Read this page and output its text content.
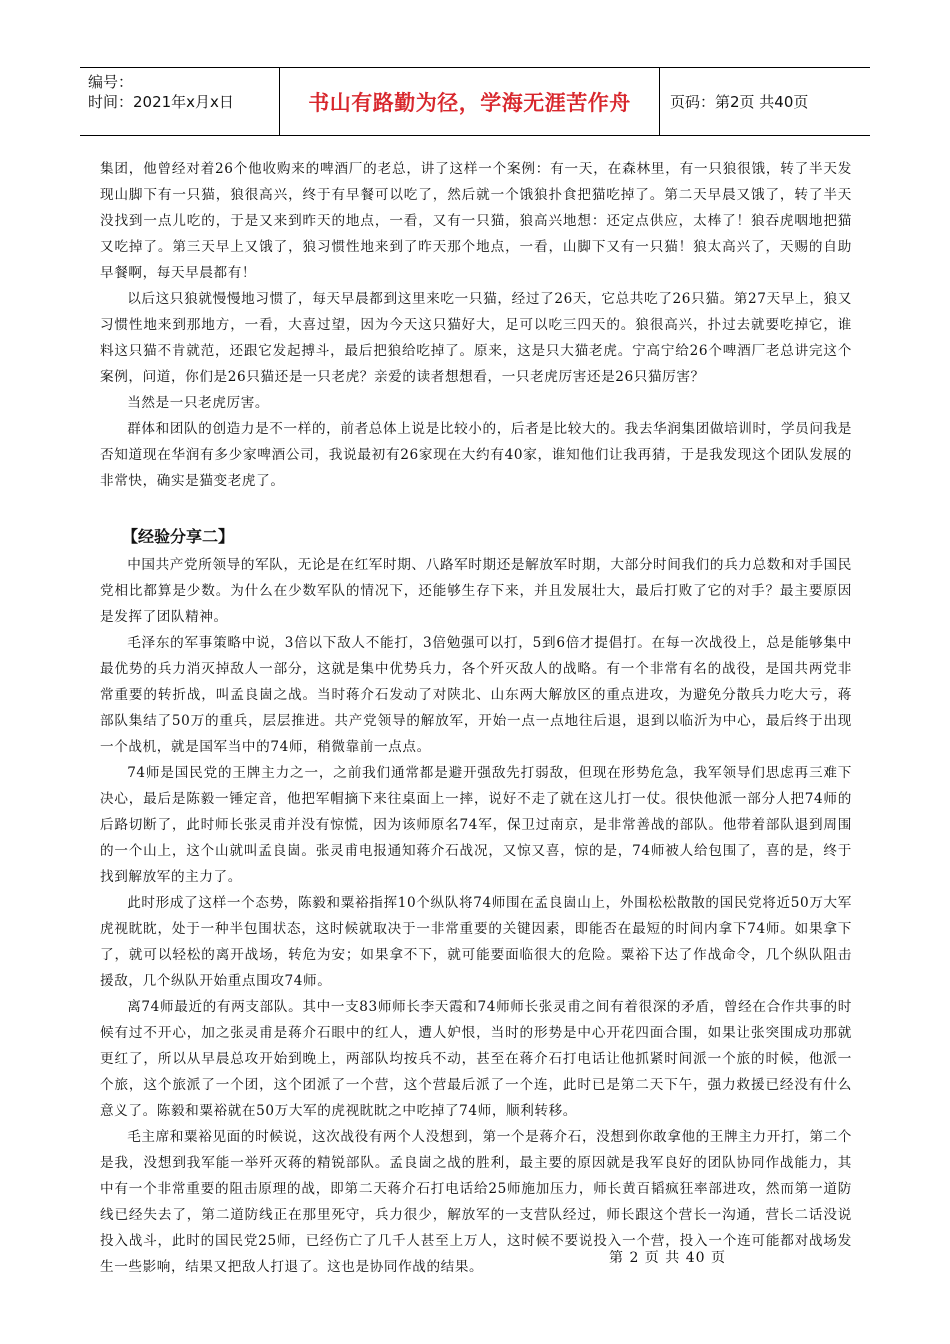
编号：
时间：2021年x月x日	书山有路勤为径，学海无涯苦作舟	页码：第2页 共40页

集团，他曾经对着26个他收购来的啤酒厂的老总，讲了这样一个案例：有一天，在森林里，有一只狼很饿，转了半天发现山脚下有一只猫，狼很高兴，终于有早餐可以吃了，然后就一个饿狼扑食把猫吃掉了。第二天早晨又饿了，转了半天没找到一点儿吃的，于是又来到昨天的地点，一看，又有一只猫，狼高兴地想：还定点供应，太棒了！狼吞虎咽地把猫又吃掉了。第三天早上又饿了，狼习惯性地来到了昨天那个地点，一看，山脚下又有一只猫！狼太高兴了，天赐的自助早餐啊，每天早晨都有！

以后这只狼就慢慢地习惯了，每天早晨都到这里来吃一只猫，经过了26天，它总共吃了26只猫。第27天早上，狼又习惯性地来到那地方，一看，大喜过望，因为今天这只猫好大，足可以吃三四天的。狼很高兴，扑过去就要吃掉它，谁料这只猫不肯就范，还跟它发起搏斗，最后把狼给吃掉了。原来，这是只大猫老虎。宁高宁给26个啤酒厂老总讲完这个案例，问道，你们是26只猫还是一只老虎？亲爱的读者想想看，一只老虎厉害还是26只猫厉害？

当然是一只老虎厉害。

群体和团队的创造力是不一样的，前者总体上说是比较小的，后者是比较大的。我去华润集团做培训时，学员问我是否知道现在华润有多少家啤酒公司，我说最初有26家现在大约有40家，谁知他们让我再猜，于是我发现这个团队发展的非常快，确实是猫变老虎了。

【经验分享二】

中国共产党所领导的军队，无论是在红军时期、八路军时期还是解放军时期，大部分时间我们的兵力总数和对手国民党相比都算是少数。为什么在少数军队的情况下，还能够生存下来，并且发展壮大，最后打败了它的对手？最主要原因是发挥了团队精神。

毛泽东的军事策略中说，3倍以下敌人不能打，3倍勉强可以打，5到6倍才提倡打。在每一次战役上，总是能够集中最优势的兵力消灭掉敌人一部分，这就是集中优势兵力，各个歼灭敌人的战略。有一个非常有名的战役，是国共两党非常重要的转折战，叫孟良崮之战。当时蒋介石发动了对陕北、山东两大解放区的重点进攻，为避免分散兵力吃大亏，蒋部队集结了50万的重兵，层层推进。共产党领导的解放军，开始一点一点地往后退，退到以临沂为中心，最后终于出现一个战机，就是国军当中的74师，稍微靠前一点点。

74师是国民党的王牌主力之一，之前我们通常都是避开强敌先打弱敌，但现在形势危急，我军领导们思虑再三难下决心，最后是陈毅一锤定音，他把军帽摘下来往桌面上一摔，说好不走了就在这儿打一仗。很快他派一部分人把74师的后路切断了，此时师长张灵甫并没有惊慌，因为该师原名74军，保卫过南京，是非常善战的部队。他带着部队退到周围的一个山上，这个山就叫孟良崮。张灵甫电报通知蒋介石战况，又惊又喜，惊的是，74师被人给包围了，喜的是，终于找到解放军的主力了。

此时形成了这样一个态势，陈毅和粟裕指挥10个纵队将74师围在孟良崮山上，外围松松散散的国民党将近50万大军虎视眈眈，处于一种半包围状态，这时候就取决于一非常重要的关键因素，即能否在最短的时间内拿下74师。如果拿下了，就可以轻松的离开战场，转危为安；如果拿不下，就可能要面临很大的危险。粟裕下达了作战命令，几个纵队阻击援敌，几个纵队开始重点围攻74师。

离74师最近的有两支部队。其中一支83师师长李天霞和74师师长张灵甫之间有着很深的矛盾，曾经在合作共事的时候有过不开心，加之张灵甫是蒋介石眼中的红人，遭人妒恨，当时的形势是中心开花四面合围，如果让张突围成功那就更红了，所以从早晨总攻开始到晚上，两部队均按兵不动，甚至在蒋介石打电话让他抓紧时间派一个旅的时候，他派一个旅，这个旅派了一个团，这个团派了一个营，这个营最后派了一个连，此时已是第二天下午，强力救援已经没有什么意义了。陈毅和粟裕就在50万大军的虎视眈眈之中吃掉了74师，顺利转移。

毛主席和粟裕见面的时候说，这次战役有两个人没想到，第一个是蒋介石，没想到你敢拿他的王牌主力开打，第二个是我，没想到我军能一举歼灭蒋的精锐部队。孟良崮之战的胜利，最主要的原因就是我军良好的团队协同作战能力，其中有一个非常重要的阻击原理的战，即第二天蒋介石打电话给25师施加压力，师长黄百韬疯狂率部进攻，然而第一道防线已经失去了，第二道防线正在那里死守，兵力很少，解放军的一支营队经过，师长跟这个营长一沟通，营长二话没说投入战斗，此时的国民党25师，已经伤亡了几千人甚至上万人，这时候不要说投入一个营，投入一个连可能都对战场发生一些影响，结果又把敌人打退了。这也是协同作战的结果。

第 2 页 共 40 页
